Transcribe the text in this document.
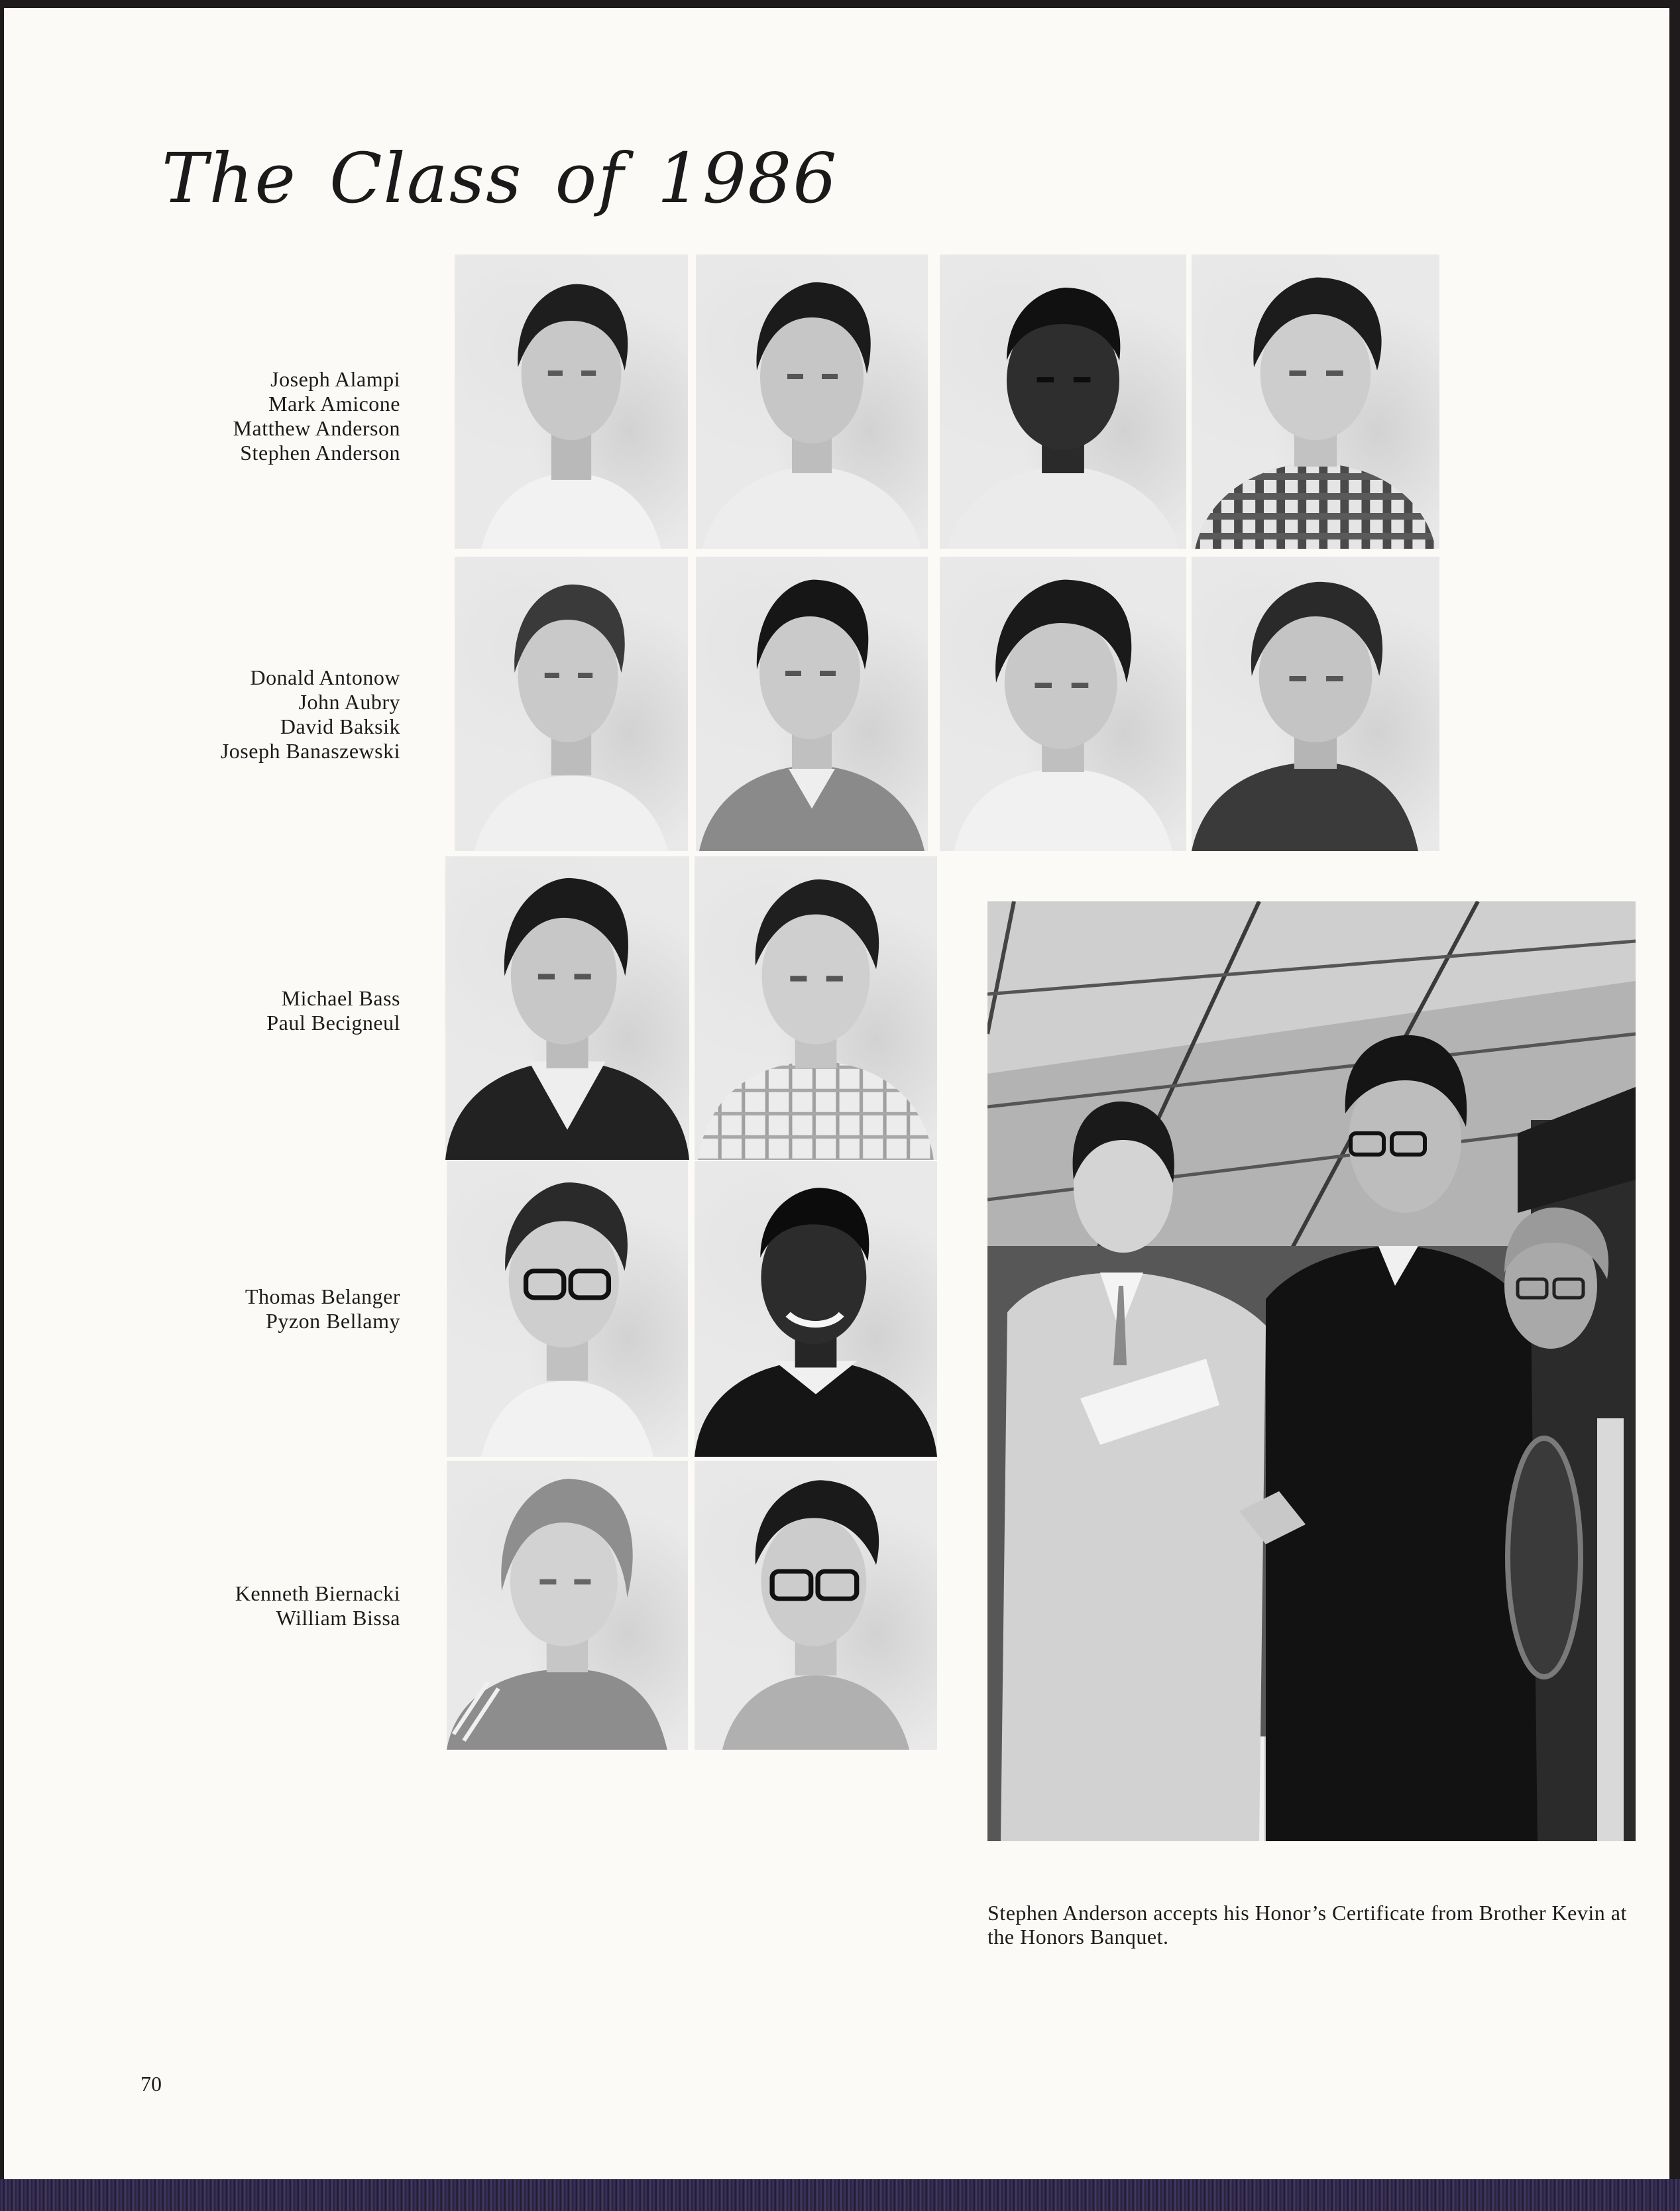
The Class of 1986
Joseph Alampi
Mark Amicone
Matthew Anderson
Stephen Anderson
Donald Antonow
John Aubry
David Baksik
Joseph Banaszewski
Michael Bass
Paul Becigneul
Thomas Belanger
Pyzon Bellamy
Kenneth Biernacki
William Bissa
Stephen Anderson accepts his Honor’s Certificate from Brother Kevin at the Honors Banquet.
70
